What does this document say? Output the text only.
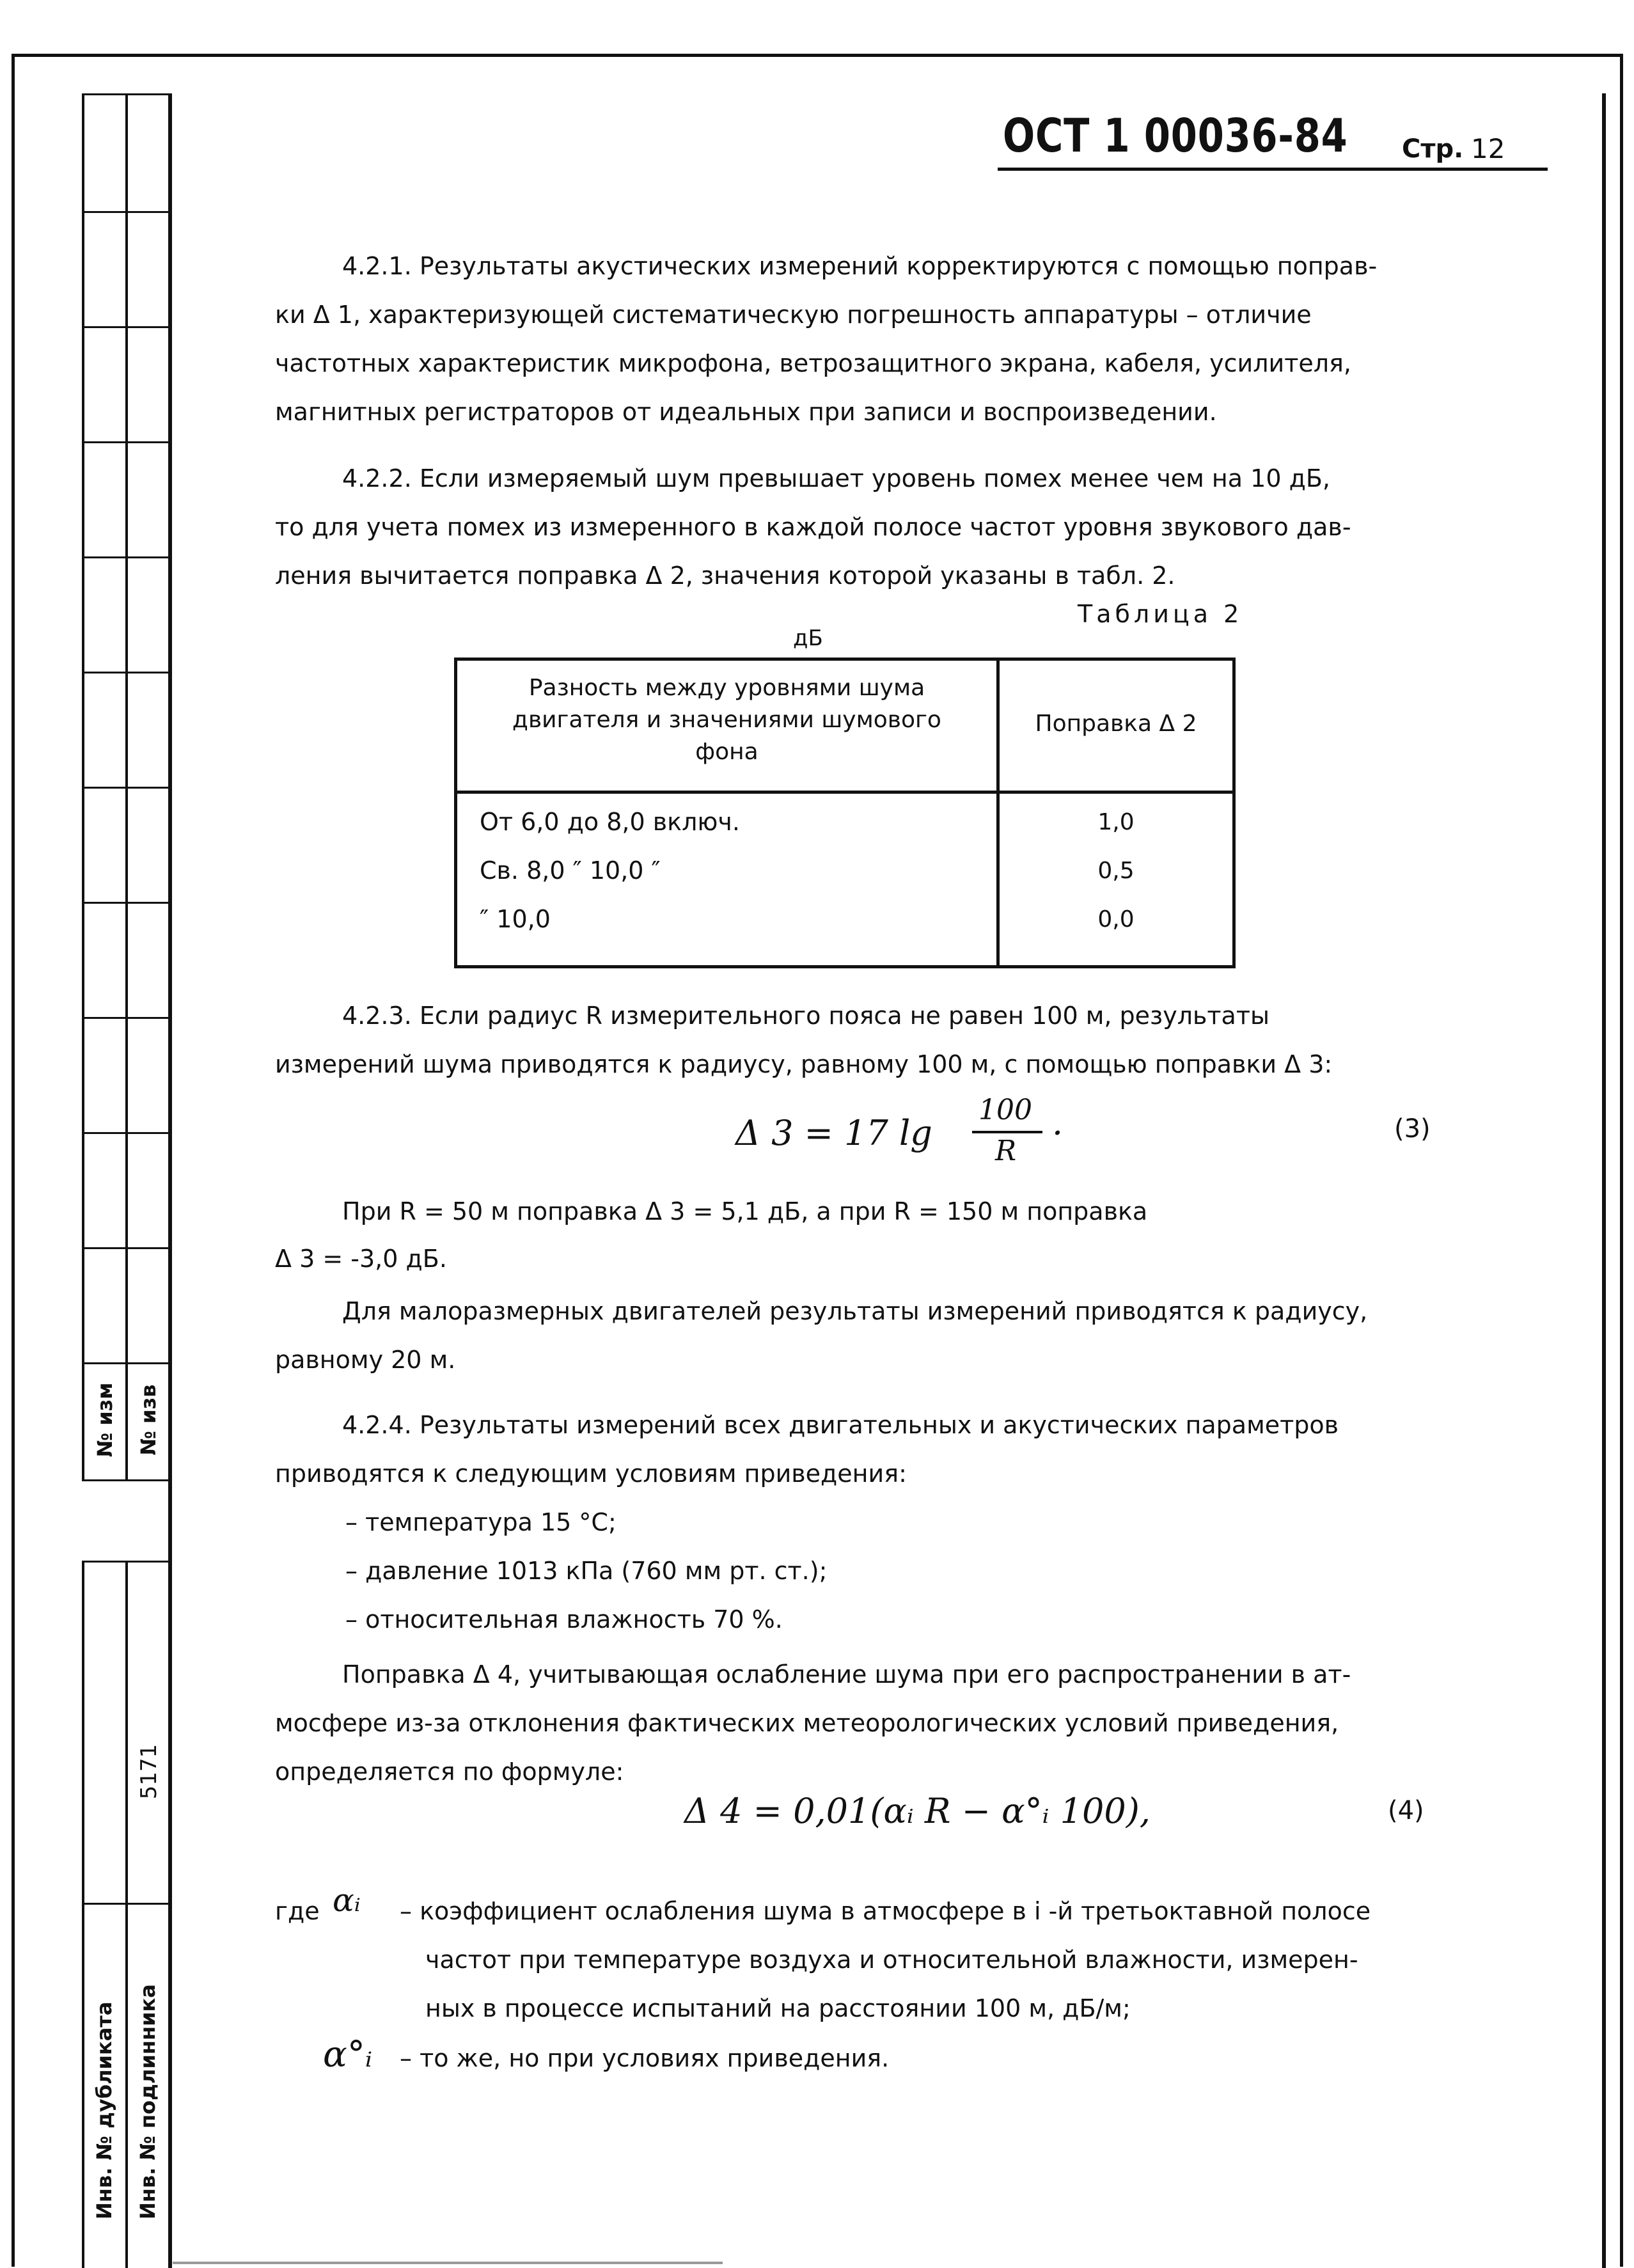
№ изм № изв
5171
Инв. № дубликата Инв. № подлинника
ОСТ 1 00036-84 Стр. 12
4.2.1. Результаты акустических измерений корректируются с помощью поправ-
ки Δ 1, характеризующей систематическую погрешность аппаратуры – отличие
частотных характеристик микрофона, ветрозащитного экрана, кабеля, усилителя,
магнитных регистраторов от идеальных при записи и воспроизведении.
4.2.2. Если измеряемый шум превышает уровень помех менее чем на 10 дБ,
то для учета помех из измеренного в каждой полосе частот уровня звукового дав-
ления вычитается поправка Δ 2, значения которой указаны в табл. 2.
Таблица 2
дБ
Разность между уровнями шума
двигателя и значениями шумового
фона
Поправка Δ 2
От 6,0 до 8,0 включ.	1,0
Св. 8,0 ″ 10,0 ″	0,5
″ 10,0	0,0
4.2.3. Если радиус R измерительного пояса не равен 100 м, результаты
измерений шума приводятся к радиусу, равному 100 м, с помощью поправки Δ 3:
Δ 3 = 17 lg
100
R ·	(3)
При R = 50 м поправка Δ 3 = 5,1 дБ, а при R = 150 м поправка
Δ 3 = -3,0 дБ.
Для малоразмерных двигателей результаты измерений приводятся к радиусу,
равному 20 м.
4.2.4. Результаты измерений всех двигательных и акустических параметров
приводятся к следующим условиям приведения:
– температура 15 °С;
– давление 1013 кПа (760 мм рт. ст.);
– относительная влажность 70 %.
Поправка Δ 4, учитывающая ослабление шума при его распространении в ат-
мосфере из-за отклонения фактических метеорологических условий приведения,
определяется по формуле:
Δ 4 = 0,01(αᵢ R − α°ᵢ 100),	(4)
где αᵢ – коэффициент ослабления шума в атмосфере в i -й третьоктавной полосе
частот при температуре воздуха и относительной влажности, измерен-
ных в процессе испытаний на расстоянии 100 м, дБ/м;
α°ᵢ – то же, но при условиях приведения.
